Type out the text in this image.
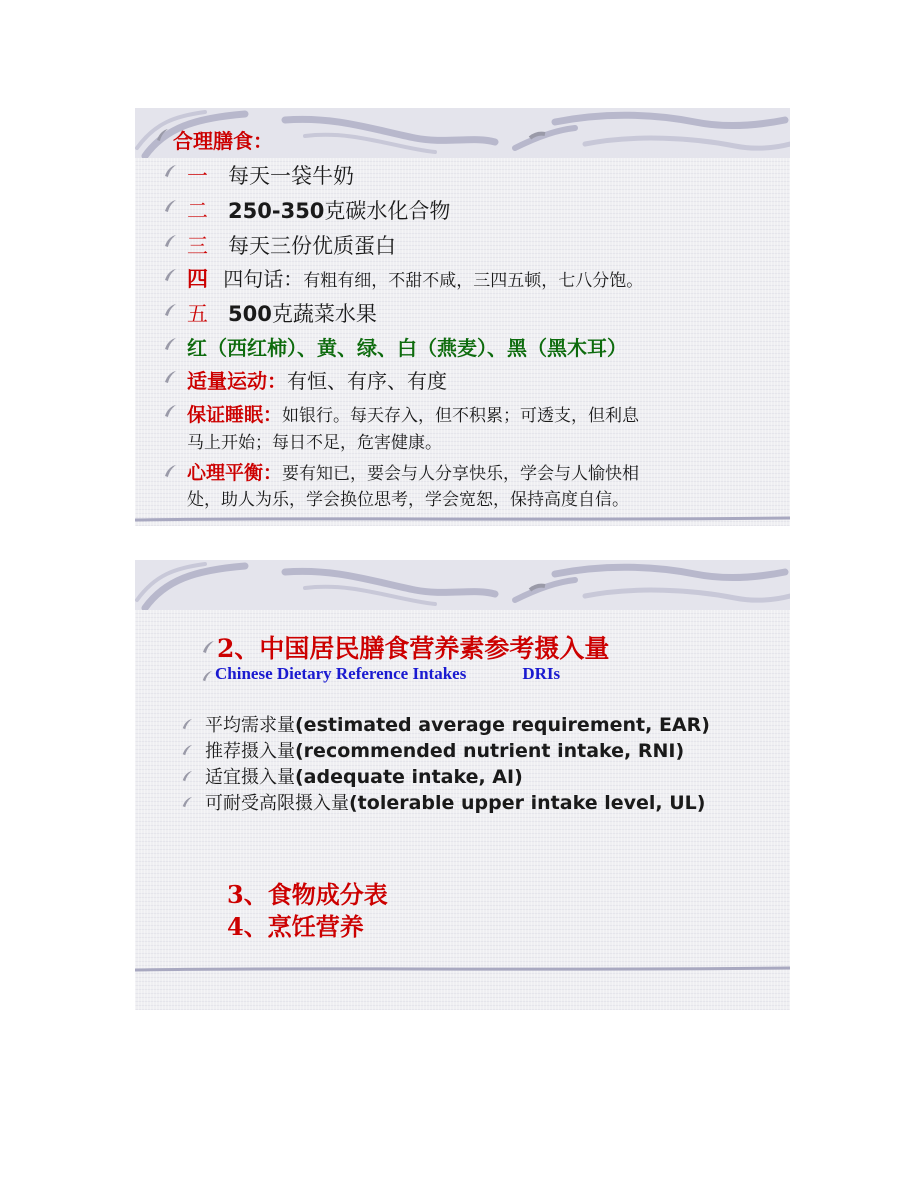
合理膳食：
一 每天一袋牛奶
二 250-350克碳水化合物
三 每天三份优质蛋白
四 四句话：有粗有细，不甜不咸，三四五顿，七八分饱。
五 500克蔬菜水果
红（西红柿）、黄、绿、白（燕麦）、黑（黑木耳）
适量运动：有恒、有序、有度
保证睡眠：如银行。每天存入，但不积累；可透支，但利息
马上开始；每日不足，危害健康。
心理平衡：要有知已，要会与人分享快乐，学会与人愉快相
处，助人为乐，学会换位思考，学会宽恕，保持高度自信。
2、中国居民膳食营养素参考摄入量
Chinese Dietary Reference Intakes	DRIs
平均需求量(estimated average requirement, EAR)
推荐摄入量(recommended nutrient intake, RNI)
适宜摄入量(adequate intake, AI)
可耐受高限摄入量(tolerable upper intake level, UL)
3、食物成分表
4、烹饪营养
